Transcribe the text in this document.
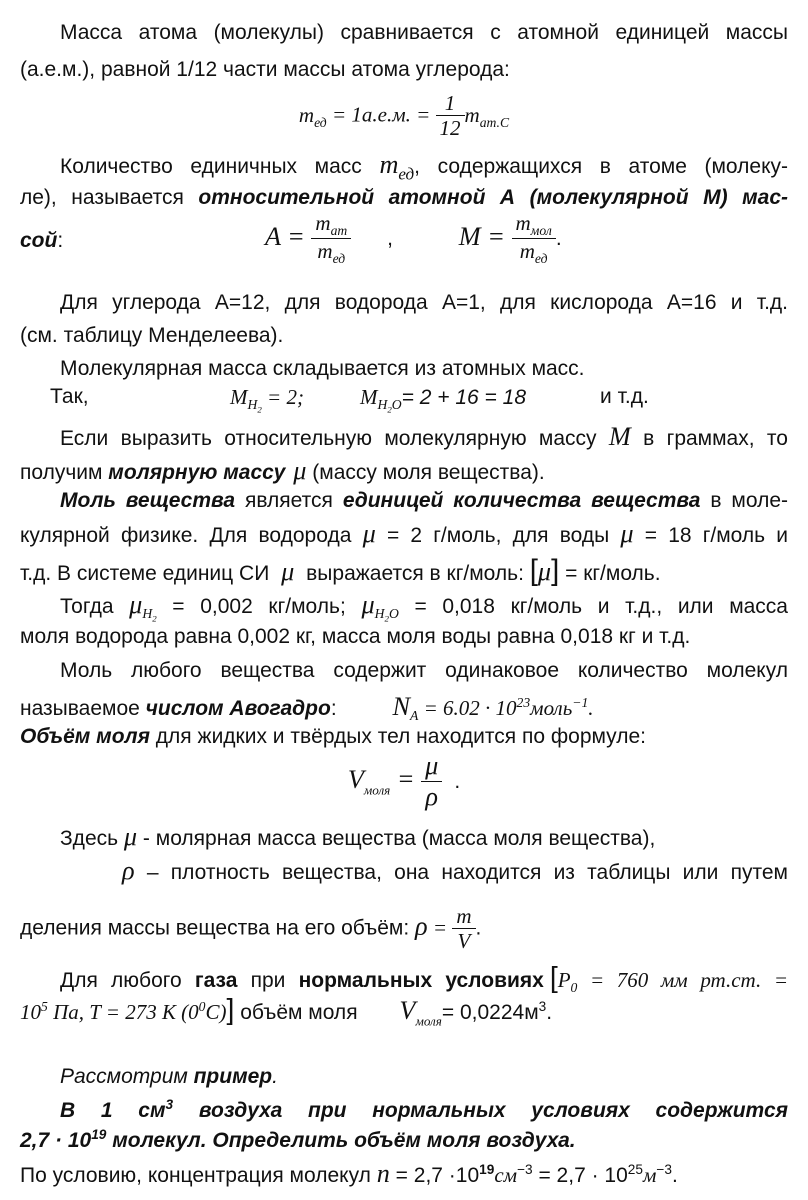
Масса атома (молекулы) сравнивается с атомной единицей массы
(а.е.м.), равной 1/12 части массы атома углерода:
$m_{ед} = 1а.е.м$. = $\frac{1}{12} m_{ат.С}$
Количество единичных масс $m_{ед}$, содержащихся в атоме (молеку-
ле), называется относительной атомной А (молекулярной М) мас-
сой:	$A = \frac{m_{ат}}{m_{ед}}$ ,	$M = \frac{m_{мол}}{m_{ед}}$ .
Для углерода А=12, для водорода А=1, для кислорода А=16 и т.д.
(см. таблицу Менделеева).
Молекулярная масса складывается из атомных масс.
Так,	$M_{H_2} = 2$;	$M_{H_2O}= 2 + 16 = 18$	и т.д.
Если выразить относительную молекулярную массу M в граммах, то
получим молярную массу μ (массу моля вещества).
Моль вещества является единицей количества вещества в моле-
кулярной физике. Для водорода μ = 2 г/моль, для воды μ = 18 г/моль и
т.д. В системе единиц СИ μ выражается в кг/моль: [μ] = кг/моль.
Тогда $\mu_{H_2} = 0,002$ кг/моль; $\mu_{H_2O} = 0,018$ кг/моль и т.д., или масса
моля водорода равна 0,002 кг, масса моля воды равна 0,018 кг и т.д.
Моль любого вещества содержит одинаковое количество молекул
называемое числом Авогадро: $N_A = 6.02$ · $10^{23}моль^{-1}$.
Объём моля для жидких и твёрдых тел находится по формуле:
$V_{моля} = \frac{\mu}{\rho}$ .
Здесь μ - молярная масса вещества (масса моля вещества),
ρ – плотность вещества, она находится из таблицы или путем
деления массы вещества на его объём: $\rho = \frac{m}{V}$ .
Для любого газа при нормальных условиях [$P_0 = 760$ мм рт.ст. =
$10^5$ Па, T = 273 К $(0^0C)$] объём моля $V_{моля}= 0,0224м^3$.
Рассмотрим пример.
В 1 $см^3$ воздуха при нормальных условиях содержится
$2,7 \cdot 10^{19}$ молекул. Определить объём моля воздуха.
По условию, концентрация молекул $n = 2,7 \cdot 10^{19}см^{-3} = 2,7 \cdot 10^{25}м^{-3}$.
